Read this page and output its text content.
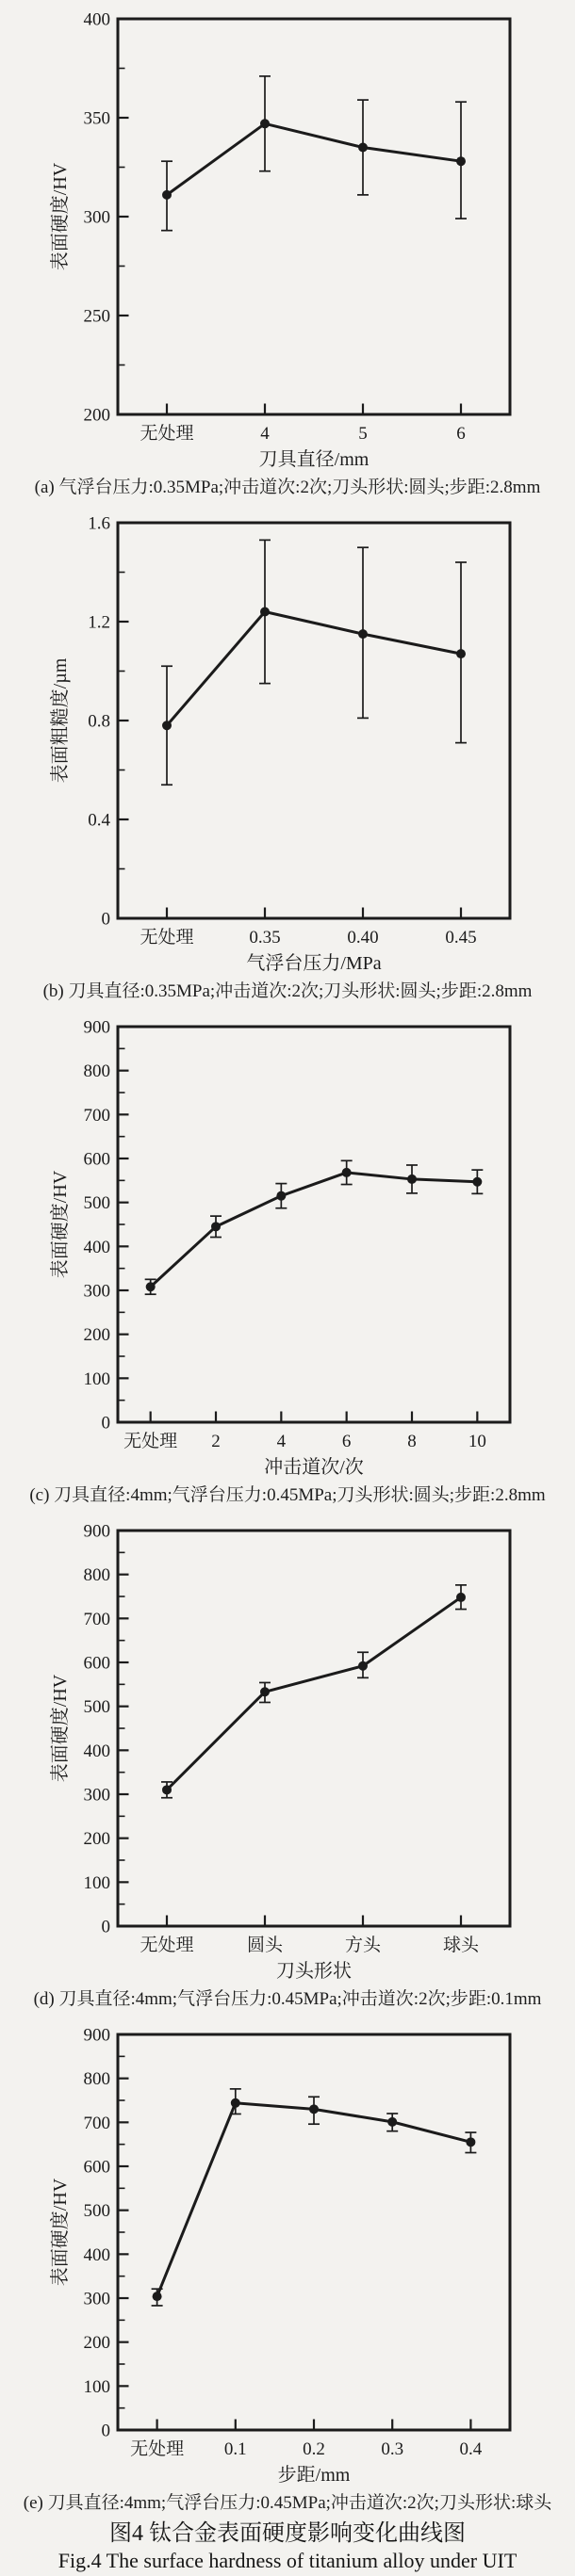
200
250
300
350
400
无处理	4	5	6
刀具直径/mm
表面硬度/HV
(a) 气浮台压力:0.35MPa;冲击道次:2次;刀头形状:圆头;步距:2.8mm
0
0.4
0.8
1.2
1.6
无处理	0.35	0.40	0.45
气浮台压力/MPa
表面粗糙度/µm
(b) 刀具直径:0.35MPa;冲击道次:2次;刀头形状:圆头;步距:2.8mm
0
100
200
300
400
500
600
700
800
900
无处理 2	4	6	8	10
冲击道次/次
表面硬度/HV
(c) 刀具直径:4mm;气浮台压力:0.45MPa;刀头形状:圆头;步距:2.8mm
0
100
200
300
400
500
600
700
800
900
无处理	圆头	方头	球头
刀头形状
表面硬度/HV
(d) 刀具直径:4mm;气浮台压力:0.45MPa;冲击道次:2次;步距:0.1mm
0
100
200
300
400
500
600
700
800
900
无处理 0.1	0.2	0.3	0.4
步距/mm
表面硬度/HV
(e) 刀具直径:4mm;气浮台压力:0.45MPa;冲击道次:2次;刀头形状:球头
图4 钛合金表面硬度影响变化曲线图
Fig.4 The surface hardness of titanium alloy under UIT
